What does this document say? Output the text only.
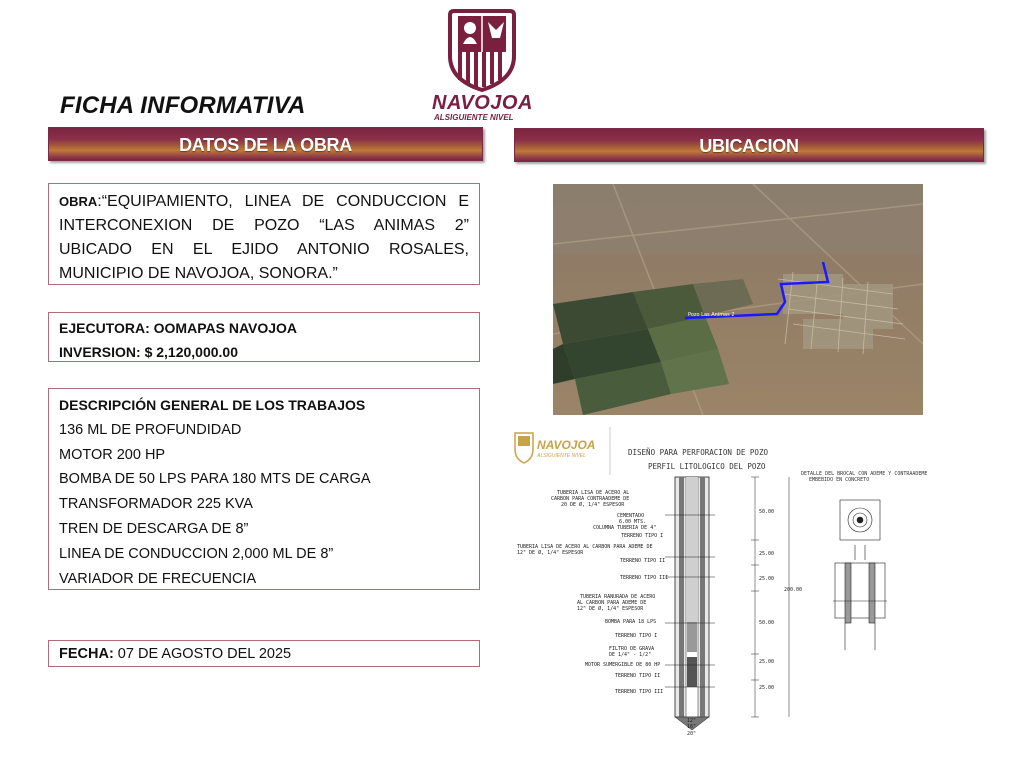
NAVOJOA
ALSIGUIENTE NIVEL
FICHA INFORMATIVA
DATOS DE LA OBRA	UBICACION
OBRA:“EQUIPAMIENTO, LINEA DE CONDUCCION E INTERCONEXION DE POZO “LAS ANIMAS 2” UBICADO EN EL EJIDO ANTONIO ROSALES, MUNICIPIO DE NAVOJOA, SONORA.”
EJECUTORA: OOMAPAS NAVOJOA
INVERSION: $ 2,120,000.00
DESCRIPCIÓN GENERAL DE LOS TRABAJOS
136 ML DE PROFUNDIDAD
MOTOR 200 HP
BOMBA DE 50 LPS PARA 180 MTS DE CARGA
TRANSFORMADOR 225 KVA
TREN DE DESCARGA DE 8”
LINEA DE CONDUCCION 2,000 ML DE 8”
VARIADOR DE FRECUENCIA
FECHA: 07 DE AGOSTO DEL 2025
Pozo Las Animas 2
NAVOJOA
ALSIGUIENTE NIVEL	DISEÑO PARA PERFORACION DE POZO
PERFIL LITOLOGICO DEL POZO
DETALLE DEL BROCAL CON ADEME Y CONTRAADEME
EMBEBIDO EN CONCRETO
TUBERIA LISA DE ACERO AL
CARBON PARA CONTRAADEME DE
20 DE Ø, 1/4" ESPESOR
CEMENTADO
6.00 MTS.
COLUMNA TUBERIA DE 4"
TERRENO TIPO I
TUBERIA LISA DE ACERO AL CARBON PARA ADEME DE
12" DE Ø, 1/4" ESPESOR
TERRENO TIPO II
TERRENO TIPO III
TUBERIA RANURADA DE ACERO
AL CARBON PARA ADEME DE
12" DE Ø, 1/4" ESPESOR
BOMBA PARA 18 LPS
TERRENO TIPO I
FILTRO DE GRAVA
DE 1/4" - 1/2"
MOTOR SUMERGIBLE DE 80 HP
TERRENO TIPO II
TERRENO TIPO III
50.00
25.00
25.00
50.00
25.00
25.00
200.00
12"
16"
20"
